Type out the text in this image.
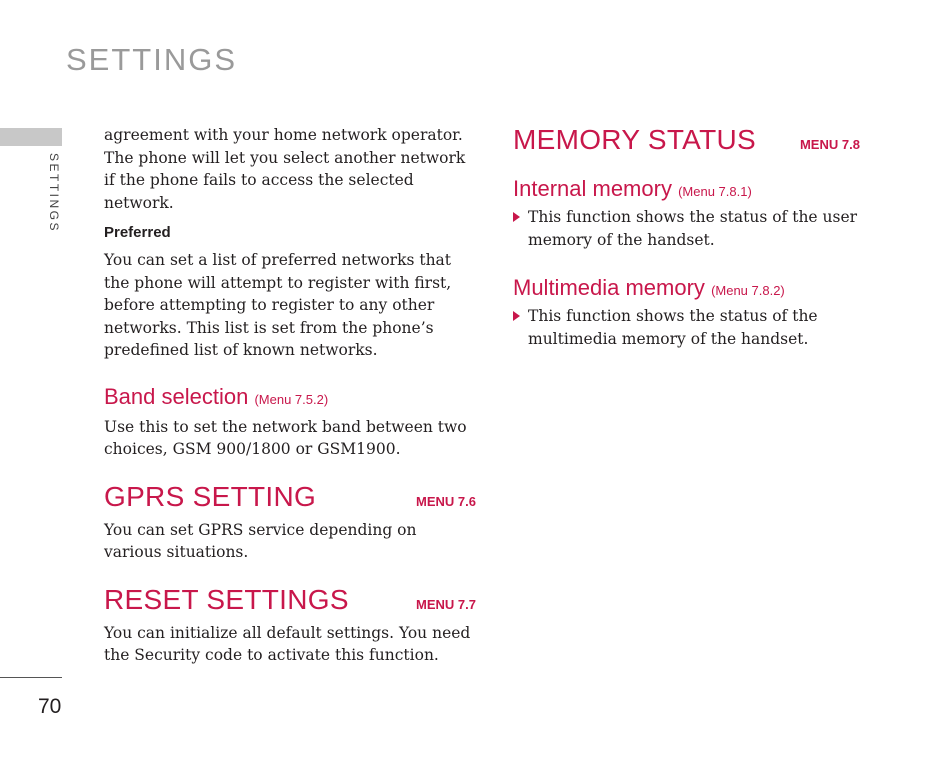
SETTINGS
SETTINGS
70

agreement with your home network operator. The phone will let you select another network if the phone fails to access the selected network.

Preferred

You can set a list of preferred networks that the phone will attempt to register with first, before attempting to register to any other networks. This list is set from the phone’s predefined list of known networks.

Band selection (Menu 7.5.2)

Use this to set the network band between two choices, GSM 900/1800 or GSM1900.

GPRS SETTING	MENU 7.6

You can set GPRS service depending on various situations.

RESET SETTINGS	MENU 7.7

You can initialize all default settings. You need the Security code to activate this function.

MEMORY STATUS	MENU 7.8
Internal memory (Menu 7.8.1)

This function shows the status of the user memory of the handset.

Multimedia memory (Menu 7.8.2)

This function shows the status of the multimedia memory of the handset.
